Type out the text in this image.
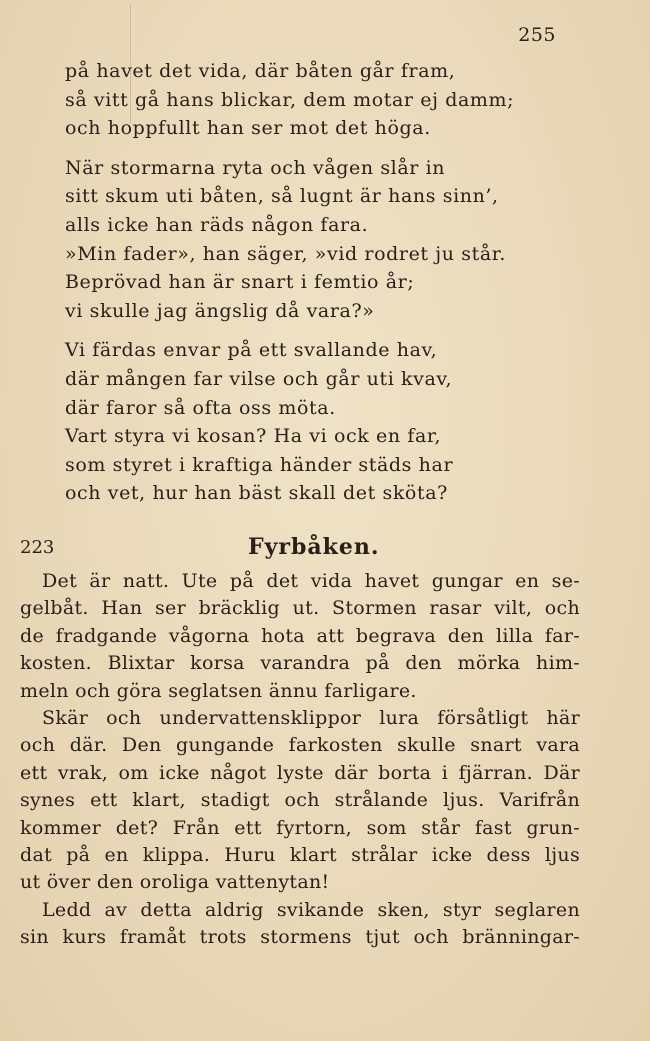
255
på havet det vida, där båten går fram,
så vitt gå hans blickar, dem motar ej damm;
och hoppfullt han ser mot det höga.
När stormarna ryta och vågen slår in
sitt skum uti båten, så lugnt är hans sinn’,
alls icke han räds någon fara.
»Min fader», han säger, »vid rodret ju står.
Beprövad han är snart i femtio år;
vi skulle jag ängslig då vara?»
Vi färdas envar på ett svallande hav,
där mången far vilse och går uti kvav,
där faror så ofta oss möta.
Vart styra vi kosan? Ha vi ock en far,
som styret i kraftiga händer städs har
och vet, hur han bäst skall det sköta?
223	Fyrbåken.
Det är natt. Ute på det vida havet gungar en se-
gelbåt. Han ser bräcklig ut. Stormen rasar vilt, och
de fradgande vågorna hota att begrava den lilla far-
kosten. Blixtar korsa varandra på den mörka him-
meln och göra seglatsen ännu farligare.
Skär och undervattensklippor lura försåtligt här
och där. Den gungande farkosten skulle snart vara
ett vrak, om icke något lyste där borta i fjärran. Där
synes ett klart, stadigt och strålande ljus. Varifrån
kommer det? Från ett fyrtorn, som står fast grun-
dat på en klippa. Huru klart strålar icke dess ljus
ut över den oroliga vattenytan!
Ledd av detta aldrig svikande sken, styr seglaren
sin kurs framåt trots stormens tjut och bränningar-
